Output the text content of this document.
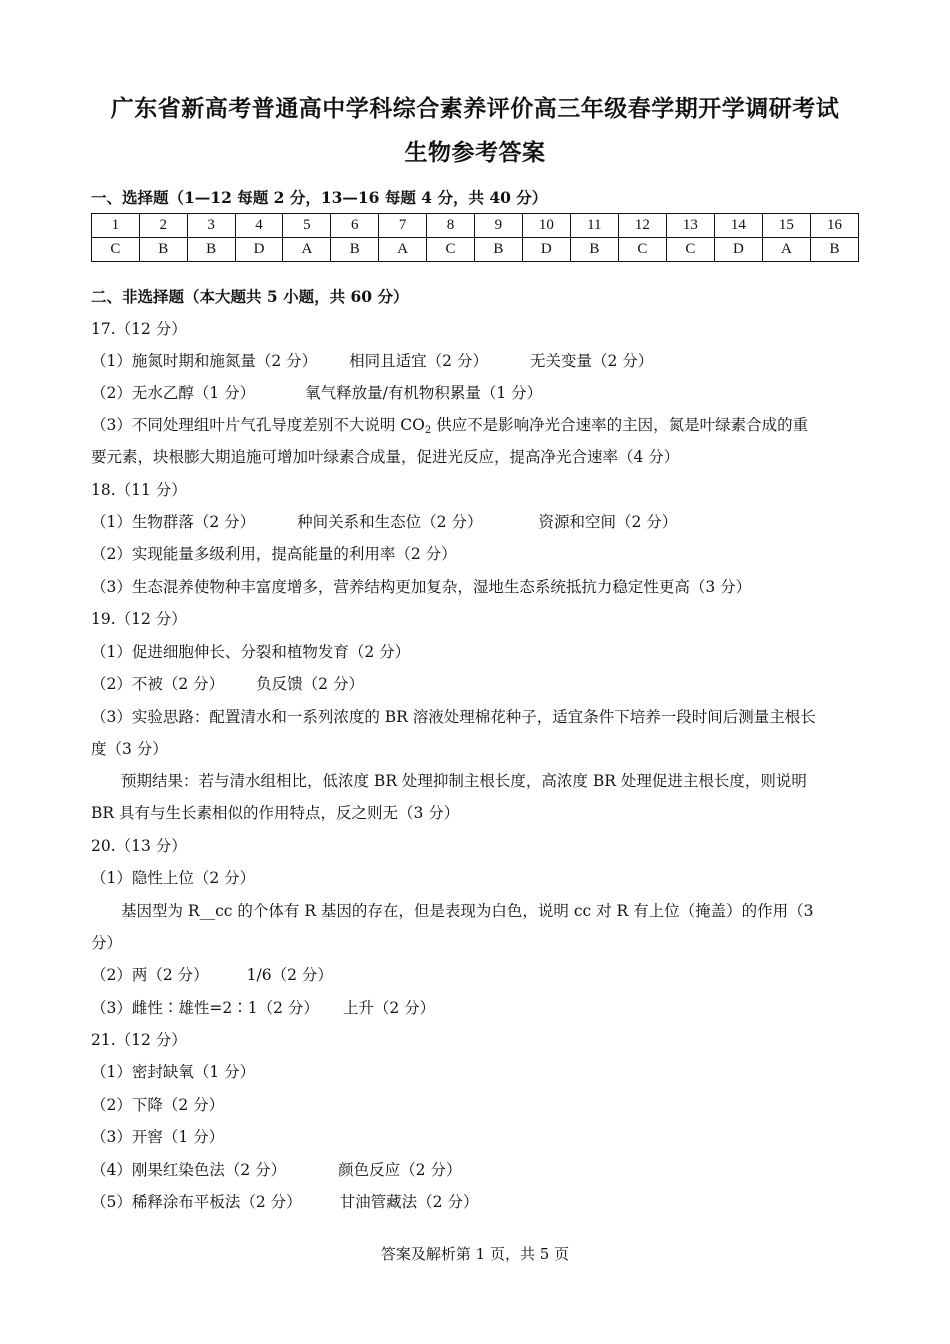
广东省新高考普通高中学科综合素养评价高三年级春学期开学调研考试
生物参考答案
一、选择题（1—12 每题 2 分，13—16 每题 4 分，共 40 分）
1	2	3	4	5	6	7	8	9	10	11	12	13	14	15	16
C	B	B	D	A	B	A	C	B	D	B	C	C	D	A	B
二、非选择题（本大题共 5 小题，共 60 分）
17.（12 分）
（1）施氮时期和施氮量（2 分） 相同且适宜（2 分）	无关变量（2 分）
（2）无水乙醇（1 分）	氧气释放量/有机物积累量（1 分）
（3）不同处理组叶片气孔导度差别不大说明 $CO_2$ 供应不是影响净光合速率的主因，氮是叶绿素合成的重
要元素，块根膨大期追施可增加叶绿素合成量，促进光反应，提高净光合速率（4 分）
18.（11 分）
（1）生物群落（2 分）	种间关系和生态位（2 分）	资源和空间（2 分）
（2）实现能量多级利用，提高能量的利用率（2 分）
（3）生态混养使物种丰富度增多，营养结构更加复杂，湿地生态系统抵抗力稳定性更高（3 分）
19.（12 分）
（1）促进细胞伸长、分裂和植物发育（2 分）
（2）不被（2 分） 负反馈（2 分）
（3）实验思路：配置清水和一系列浓度的 BR 溶液处理棉花种子，适宜条件下培养一段时间后测量主根长
度（3 分）
预期结果：若与清水组相比，低浓度 BR 处理抑制主根长度，高浓度 BR 处理促进主根长度，则说明
BR 具有与生长素相似的作用特点，反之则无（3 分）
20.（13 分）
（1）隐性上位（2 分）
基因型为 R__cc 的个体有 R 基因的存在，但是表现为白色，说明 cc 对 R 有上位（掩盖）的作用（3
分）
（2）两（2 分） 1/6（2 分）
（3）雌性∶雄性=2∶1（2 分） 上升（2 分）
21.（12 分）
（1）密封缺氧（1 分）
（2）下降（2 分）
（3）开窖（1 分）
（4）刚果红染色法（2 分）	颜色反应（2 分）
（5）稀释涂布平板法（2 分） 甘油管藏法（2 分）
答案及解析第 1 页，共 5 页
